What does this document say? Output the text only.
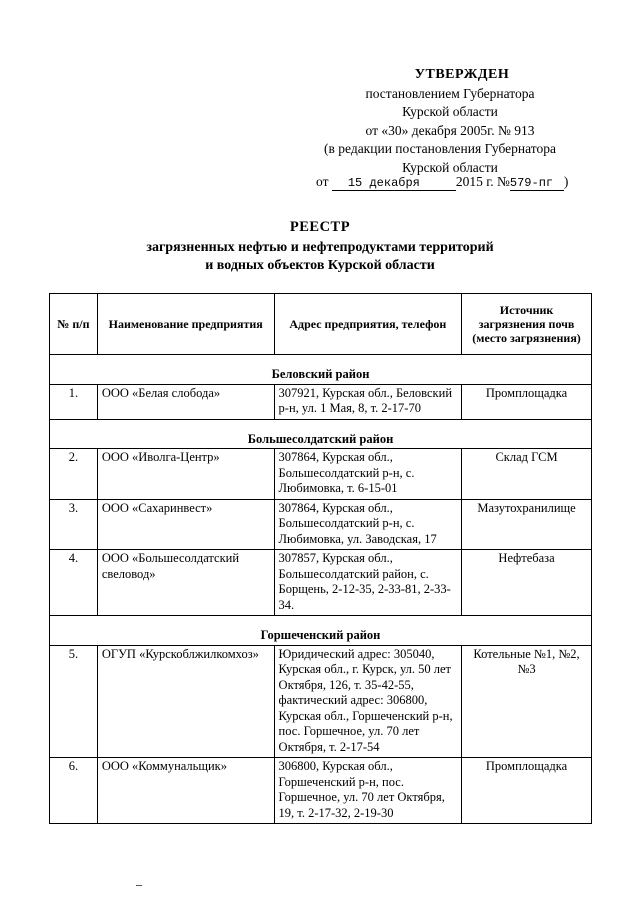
УТВЕРЖДЕН
постановлением Губернатора
Курской области
от «30» декабря 2005г. № 913
(в редакции постановления Губернатора
Курской области
от 15 декабря	2015 г. №579-пг )
РЕЕСТР
загрязненных нефтью и нефтепродуктами территорий
и водных объектов Курской области
№ п/п	Наименование предприятия	Адрес предприятия, телефон	Источник загрязнения почв (место загрязнения)
Беловский район			
1.	ООО «Белая слобода»	307921, Курская обл., Беловский р-н, ул. 1 Мая, 8, т. 2-17-70	Промплощадка
Большесолдатский район			
2.	ООО «Иволга-Центр»	307864, Курская обл., Большесолдатский р-н, с. Любимовка, т. 6-15-01	Склад ГСМ
3.	ООО «Сахаринвест»	307864, Курская обл., Большесолдатский р-н, с. Любимовка, ул. Заводская, 17	Мазутохранилище
4.	ООО «Большесолдатский свеловод»	307857, Курская обл., Большесолдатский район, с. Борщень, 2-12-35, 2-33-81, 2-33-34.	Нефтебаза
Горшеченский район			
5.	ОГУП «Курскоблжилкомхоз»	Юридический адрес: 305040, Курская обл., г. Курск, ул. 50 лет Октября, 126, т. 35-42-55, фактический адрес: 306800, Курская обл., Горшеченский р-н, пос. Горшечное, ул. 70 лет Октября, т. 2-17-54	Котельные №1, №2, №3
6.	ООО «Коммунальщик»	306800, Курская обл., Горшеченский р-н, пос. Горшечное, ул. 70 лет Октября, 19, т. 2-17-32, 2-19-30	Промплощадка
